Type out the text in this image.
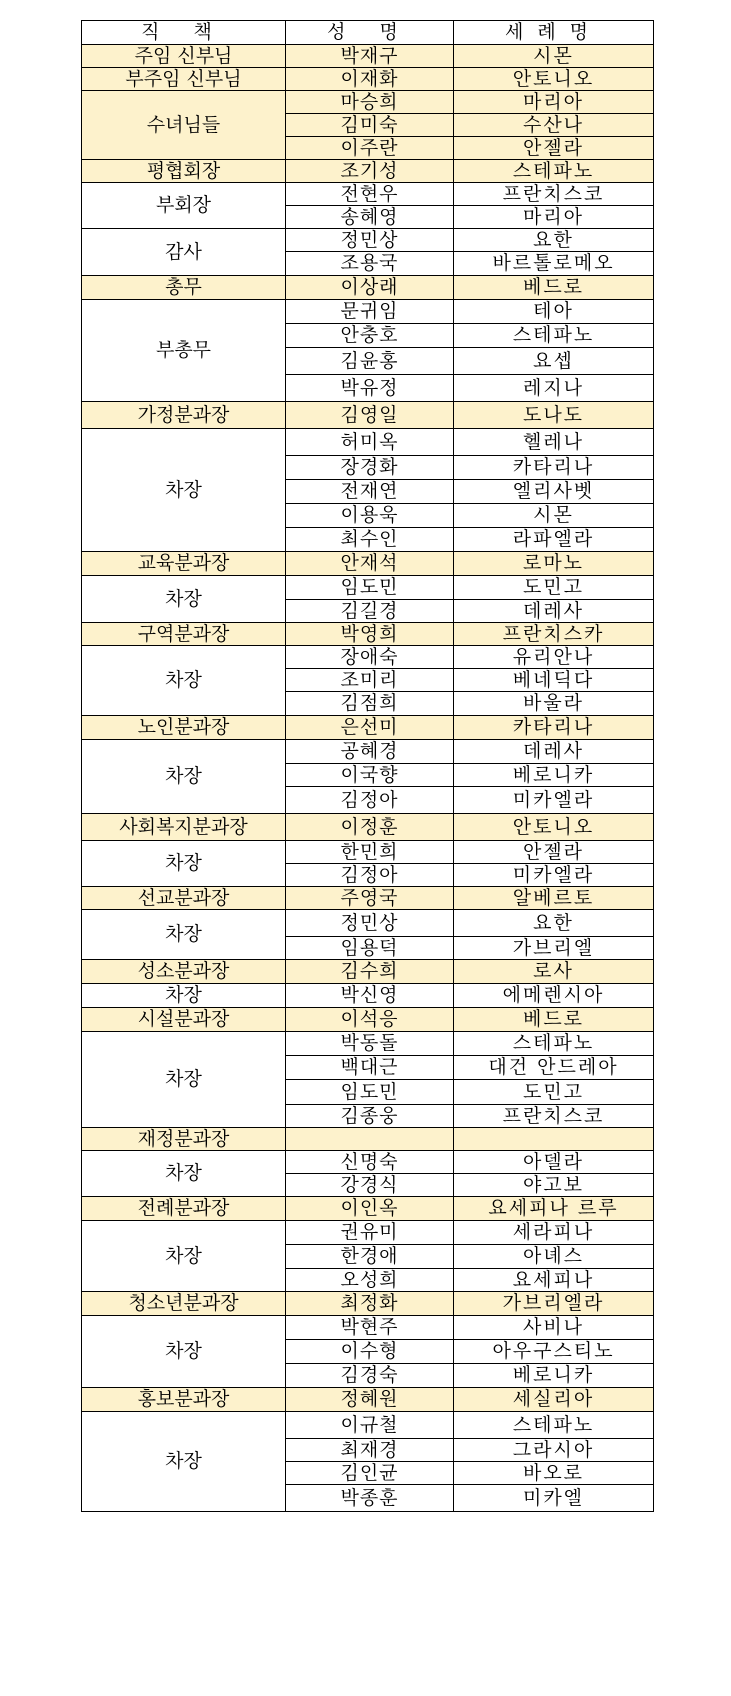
직 책	성 명	세례명
주임 신부님	박재구	시몬
부주임 신부님	이재화	안토니오
수녀님들	마승희	마리아
	김미숙	수산나
	이주란	안젤라
평협회장	조기성	스테파노
부회장	전현우	프란치스코
	송혜영	마리아
감사	정민상	요한
	조용국	바르톨로메오
총무	이상래	베드로
부총무	문귀임	테아
	안충호	스테파노
	김윤홍	요셉
	박유정	레지나
가정분과장	김영일	도나도
차장	허미옥	헬레나
	장경화	카타리나
	전재연	엘리사벳
	이용욱	시몬
	최수인	라파엘라
교육분과장	안재석	로마노
차장	임도민	도민고
	김길경	데레사
구역분과장	박영희	프란치스카
차장	장애숙	유리안나
	조미리	베네딕다
	김점희	바울라
노인분과장	은선미	카타리나
차장	공혜경	데레사
	이국향	베로니카
	김정아	미카엘라
사회복지분과장	이정훈	안토니오
차장	한민희	안젤라
	김정아	미카엘라
선교분과장	주영국	알베르토
차장	정민상	요한
	임용덕	가브리엘
성소분과장	김수희	로사
차장	박신영	에메렌시아
시설분과장	이석응	베드로
차장	박동돌	스테파노
	백대근	대건 안드레아
	임도민	도민고
	김종웅	프란치스코
재정분과장		
차장	신명숙	아델라
	강경식	야고보
전례분과장	이인옥	요세피나 르루
차장	권유미	세라피나
	한경애	아녜스
	오성희	요세피나
청소년분과장	최정화	가브리엘라
차장	박현주	사비나
	이수형	아우구스티노
	김경숙	베로니카
홍보분과장	정혜원	세실리아
차장	이규철	스테파노
	최재경	그라시아
	김인균	바오로
	박종훈	미카엘
